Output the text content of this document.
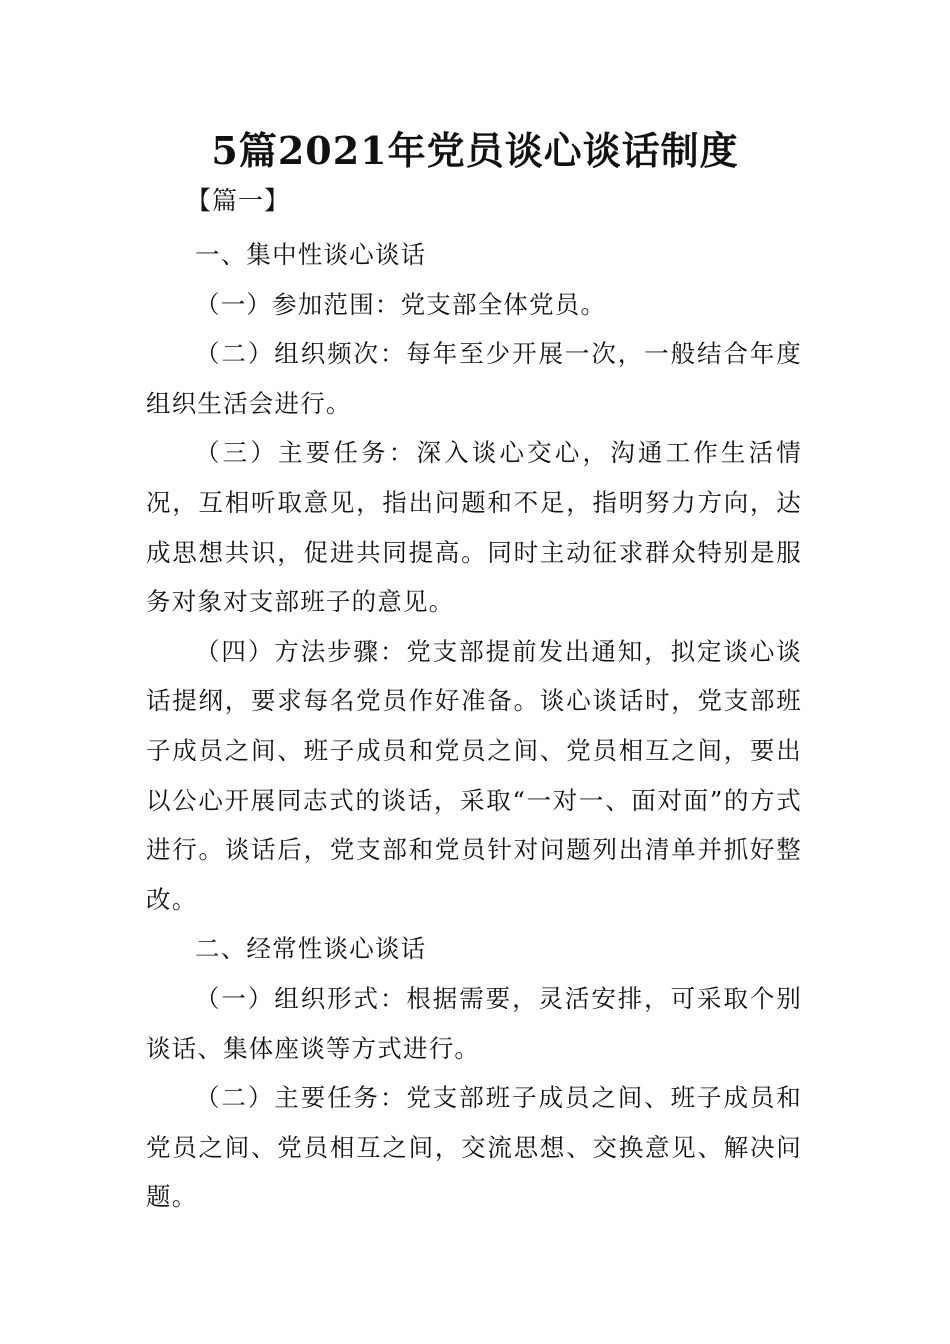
5篇2021年党员谈心谈话制度
【篇一】

一、集中性谈心谈话

（一）参加范围：党支部全体党员。

（二）组织频次：每年至少开展一次，一般结合年度组织生活会进行。

（三）主要任务：深入谈心交心，沟通工作生活情况，互相听取意见，指出问题和不足，指明努力方向，达成思想共识，促进共同提高。同时主动征求群众特别是服务对象对支部班子的意见。

（四）方法步骤：党支部提前发出通知，拟定谈心谈话提纲，要求每名党员作好准备。谈心谈话时，党支部班子成员之间、班子成员和党员之间、党员相互之间，要出以公心开展同志式的谈话，采取“一对一、面对面”的方式进行。谈话后，党支部和党员针对问题列出清单并抓好整改。

二、经常性谈心谈话

（一）组织形式：根据需要，灵活安排，可采取个别谈话、集体座谈等方式进行。

（二）主要任务：党支部班子成员之间、班子成员和党员之间、党员相互之间，交流思想、交换意见、解决问题。
